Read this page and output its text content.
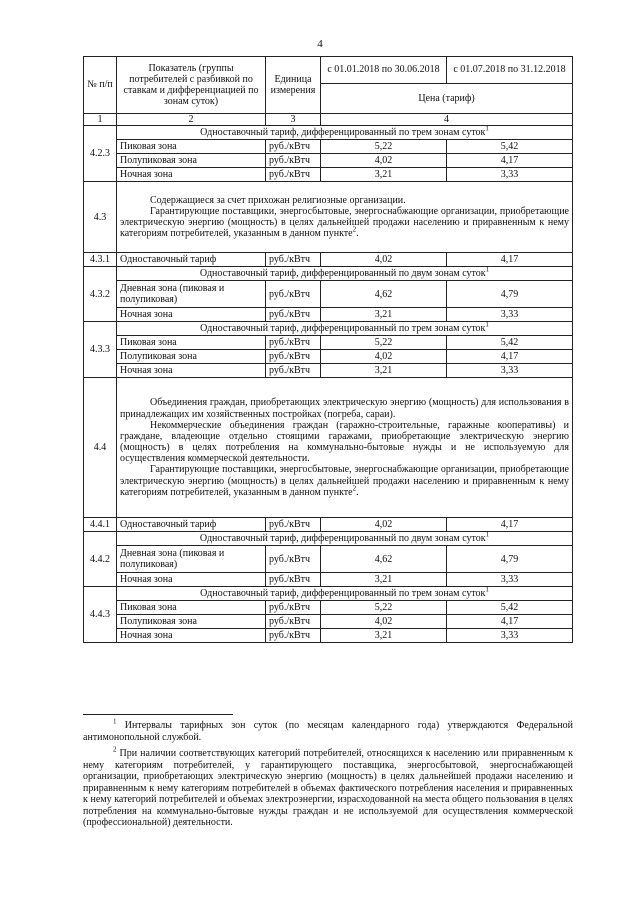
4
№ п/п	Показатель (группы потребителей с разбивкой по ставкам и дифференциацией по зонам суток)	Единица измерения	с 01.01.2018 по 30.06.2018	с 01.07.2018 по 31.12.2018
			Цена (тариф)	
1	2	3	4	
4.2.3	Одноставочный тариф, дифференцированный по трем зонам суток$^1$
	Пиковая зона	руб./кВтч	5,22	5,42
	Полупиковая зона	руб./кВтч	4,02	4,17
	Ночная зона	руб./кВтч	3,21	3,33
4.3	Содержащиеся за счет прихожан религиозные организации.

Гарантирующие поставщики, энергосбытовые, энергоснабжающие организации, приобретающие электрическую энергию (мощность) в целях дальнейшей продажи населению и приравненным к нему категориям потребителей, указанным в данном пункте$^2$.			

4.3.1	Одноставочный тариф	руб./кВтч	4,02	4,17
4.3.2	Одноставочный тариф, дифференцированный по двум зонам суток$^1$
	Дневная зона (пиковая и полупиковая)	руб./кВтч	4,62	4,79
	Ночная зона	руб./кВтч	3,21	3,33
4.3.3	Одноставочный тариф, дифференцированный по трем зонам суток$^1$
	Пиковая зона	руб./кВтч	5,22	5,42
	Полупиковая зона	руб./кВтч	4,02	4,17
	Ночная зона	руб./кВтч	3,21	3,33
4.4	Объединения граждан, приобретающих электрическую энергию (мощность) для использования в принадлежащих им хозяйственных постройках (погреба, сараи).

Некоммерческие объединения граждан (гаражно-строительные, гаражные кооперативы) и граждане, владеющие отдельно стоящими гаражами, приобретающие электрическую энергию (мощность) в целях потребления на коммунально-бытовые нужды и не используемую для осуществления коммерческой деятельности.

Гарантирующие поставщики, энергосбытовые, энергоснабжающие организации, приобретающие электрическую энергию (мощность) в целях дальнейшей продажи населению и приравненным к нему категориям потребителей, указанным в данном пункте$^2$.			

4.4.1	Одноставочный тариф	руб./кВтч	4,02	4,17
4.4.2	Одноставочный тариф, дифференцированный по двум зонам суток$^1$
	Дневная зона (пиковая и полупиковая)	руб./кВтч	4,62	4,79
	Ночная зона	руб./кВтч	3,21	3,33
4.4.3	Одноставочный тариф, дифференцированный по трем зонам суток$^1$
	Пиковая зона	руб./кВтч	5,22	5,42
	Полупиковая зона	руб./кВтч	4,02	4,17
	Ночная зона	руб./кВтч	3,21	3,33

$^1$ Интервалы тарифных зон суток (по месяцам календарного года) утверждаются Федеральной антимонопольной службой.

$^2$ При наличии соответствующих категорий потребителей, относящихся к населению или приравненным к нему категориям потребителей, у гарантирующего поставщика, энергосбытовой, энергоснабжающей организации, приобретающих электрическую энергию (мощность) в целях дальнейшей продажи населению и приравненным к нему категориям потребителей в объемах фактического потребления населения и приравненных к нему категорий потребителей и объемах электроэнергии, израсходованной на места общего пользования в целях потребления на коммунально-бытовые нужды граждан и не используемой для осуществления коммерческой (профессиональной) деятельности.
